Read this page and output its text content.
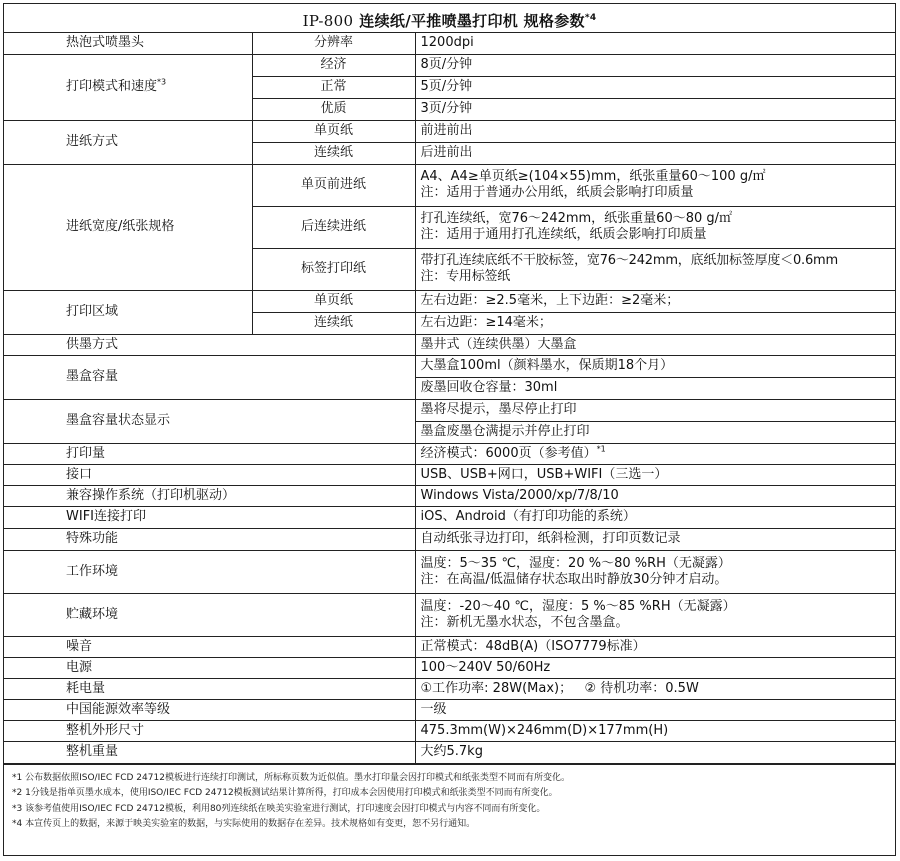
IP-800 连续纸/平推喷墨打印机 规格参数$^{*4}$
热泡式喷墨头	分辨率	1200dpi
打印模式和速度$^{*3}$	经济	8页/分钟
	正常	5页/分钟
	优质	3页/分钟
进纸方式	单页纸	前进前出
	连续纸	后进前出
进纸宽度/纸张规格	单页前进纸	A4、A4≥单页纸≥(104×55)mm，纸张重量60～100 g/㎡
注：适用于普通办公用纸，纸质会影响打印质量

	后连续进纸	打孔连续纸，宽76～242mm，纸张重量60～80 g/㎡
注：适用于通用打孔连续纸，纸质会影响打印质量

	标签打印纸	带打孔连续底纸不干胶标签，宽76～242mm，底纸加标签厚度＜0.6mm
注：专用标签纸

打印区域	单页纸	左右边距：≥2.5毫米，上下边距：≥2毫米；
	连续纸	左右边距：≥14毫米；
供墨方式		墨井式（连续供墨）大墨盒
墨盒容量		大墨盒100ml（颜料墨水，保质期18个月）
		废墨回收仓容量：30ml
墨盒容量状态显示		墨将尽提示，墨尽停止打印
		墨盒废墨仓满提示并停止打印
打印量		经济模式：6000页（参考值）$^{*1}$
接口		USB、USB+网口，USB+WIFI（三选一）
兼容操作系统（打印机驱动）		Windows Vista/2000/xp/7/8/10
WIFI连接打印		iOS、Android（有打印功能的系统）
特殊功能		自动纸张寻边打印，纸斜检测，打印页数记录
工作环境		温度：5～35 ℃，湿度：20 %～80 %RH（无凝露）
注：在高温/低温储存状态取出时静放30分钟才启动。

贮藏环境		温度：-20～40 ℃，湿度：5 %～85 %RH（无凝露）
注：新机无墨水状态，不包含墨盒。

噪音		正常模式：48dB(A)（ISO7779标准）
电源		100～240V 50/60Hz
耗电量		①工作功率: 28W(Max)；   ② 待机功率：0.5W
中国能源效率等级		一级
整机外形尺寸		475.3mm(W)×246mm(D)×177mm(H)
整机重量		大约5.7kg
*1 公布数据依照ISO/IEC FCD 24712模板进行连续打印测试，所标称页数为近似值。墨水打印量会因打印模式和纸张类型不同而有所变化。
*2 1分钱是指单页墨水成本，使用ISO/IEC FCD 24712模板测试结果计算所得，打印成本会因使用打印模式和纸张类型不同而有所变化。
*3 该参考值使用ISO/IEC FCD 24712模板，利用80列连续纸在映美实验室进行测试，打印速度会因打印模式与内容不同而有所变化。
*4 本宣传页上的数据，来源于映美实验室的数据，与实际使用的数据存在差异。技术规格如有变更，恕不另行通知。
